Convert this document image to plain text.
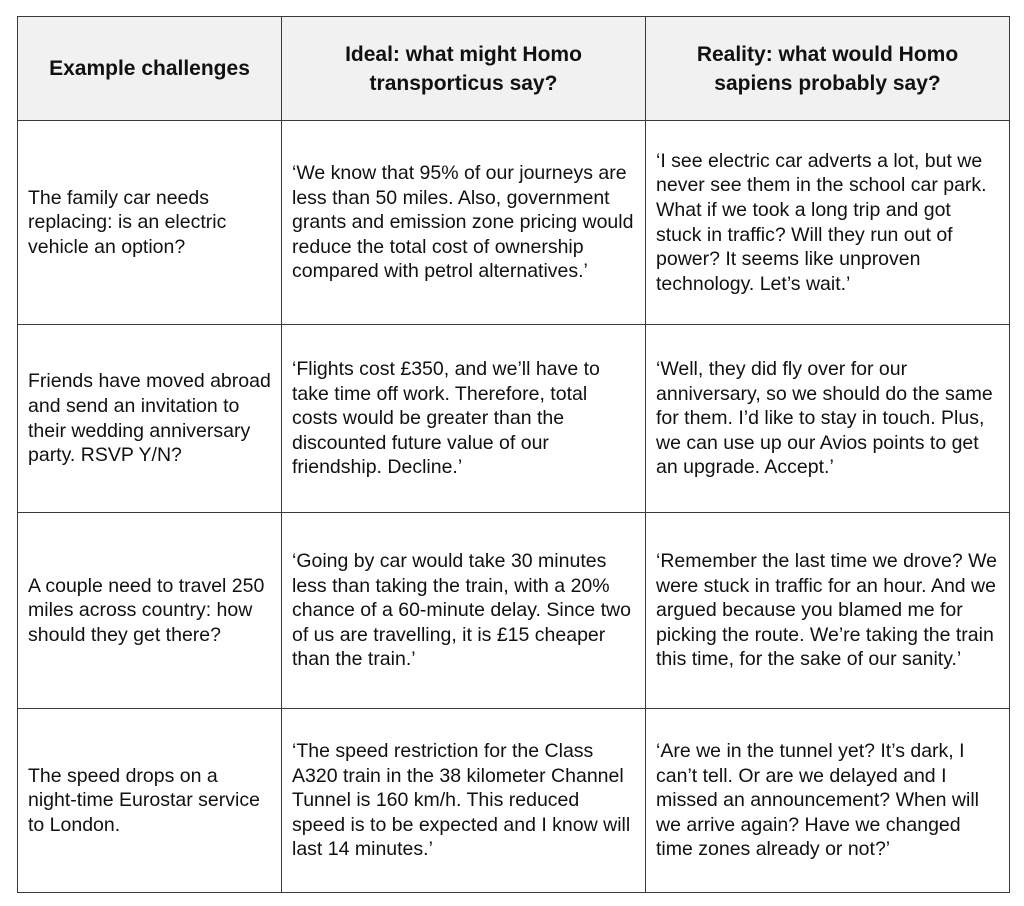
Example challenges	Ideal: what might Homo transporticus say?	Reality: what would Homo sapiens probably say?
The family car needs replacing: is an electric vehicle an option?	‘We know that 95% of our journeys are less than 50 miles. Also, government grants and emission zone pricing would reduce the total cost of ownership compared with petrol alternatives.’	‘I see electric car adverts a lot, but we never see them in the school car park. What if we took a long trip and got stuck in traffic? Will they run out of power? It seems like unproven technology. Let’s wait.’
Friends have moved abroad and send an invitation to their wedding anniversary party. RSVP Y/N?	‘Flights cost £350, and we’ll have to take time off work. Therefore, total costs would be greater than the discounted future value of our friendship. Decline.’	‘Well, they did fly over for our anniversary, so we should do the same for them. I’d like to stay in touch. Plus, we can use up our Avios points to get an upgrade. Accept.’
A couple need to travel 250 miles across country: how should they get there?	‘Going by car would take 30 minutes less than taking the train, with a 20% chance of a 60-minute delay. Since two of us are travelling, it is £15 cheaper than the train.’	‘Remember the last time we drove? We were stuck in traffic for an hour. And we argued because you blamed me for picking the route. We’re taking the train this time, for the sake of our sanity.’
The speed drops on a night-time Eurostar service to London.	‘The speed restriction for the Class A320 train in the 38 kilometer Channel Tunnel is 160 km/h. This reduced speed is to be expected and I know will last 14 minutes.’	‘Are we in the tunnel yet? It’s dark, I can’t tell. Or are we delayed and I missed an announcement? When will we arrive again? Have we changed time zones already or not?’
